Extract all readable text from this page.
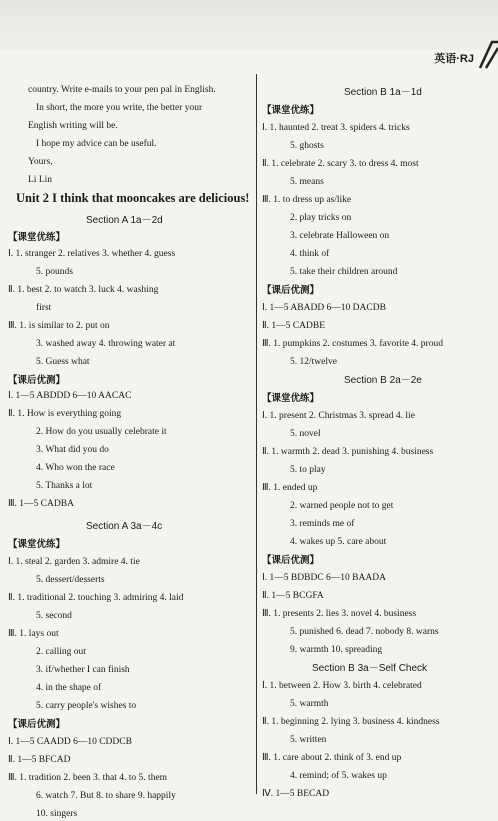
英语·RJ
country. Write e-mails to your pen pal in English.
In short, the more you write, the better your
English writing will be.
I hope my advice can be useful.
Yours,
Li Lin
Unit 2 I think that mooncakes are delicious!
Section A 1a－2d
【课堂优练】
Ⅰ. 1. stranger 2. relatives 3. whether 4. guess
5. pounds
Ⅱ. 1. best 2. to watch 3. luck 4. washing
first
Ⅲ. 1. is similar to 2. put on
3. washed away 4. throwing water at
5. Guess what
【课后优测】
Ⅰ. 1—5 ABDDD 6—10 AACAC
Ⅱ. 1. How is everything going
2. How do you usually celebrate it
3. What did you do
4. Who won the race
5. Thanks a lot
Ⅲ. 1—5 CADBA
Section A 3a－4c
【课堂优练】
Ⅰ. 1. steal 2. garden 3. admire 4. tie
5. dessert/desserts
Ⅱ. 1. traditional 2. touching 3. admiring 4. laid
5. second
Ⅲ. 1. lays out
2. calling out
3. if/whether I can finish
4. in the shape of
5. carry people's wishes to
【课后优测】
Ⅰ. 1—5 CAADD 6—10 CDDCB
Ⅱ. 1—5 BFCAD
Ⅲ. 1. tradition 2. been 3. that 4. to 5. them
6. watch 7. But 8. to share 9. happily
10. singers
Section B 1a－1d
【课堂优练】
Ⅰ. 1. haunted 2. treat 3. spiders 4. tricks
5. ghosts
Ⅱ. 1. celebrate 2. scary 3. to dress 4. most
5. means
Ⅲ. 1. to dress up as/like
2. play tricks on
3. celebrate Halloween on
4. think of
5. take their children around
【课后优测】
Ⅰ. 1—5 ABADD 6—10 DACDB
Ⅱ. 1—5 CADBE
Ⅲ. 1. pumpkins 2. costumes 3. favorite 4. proud
5. 12/twelve
Section B 2a－2e
【课堂优练】
Ⅰ. 1. present 2. Christmas 3. spread 4. lie
5. novel
Ⅱ. 1. warmth 2. dead 3. punishing 4. business
5. to play
Ⅲ. 1. ended up
2. warned people not to get
3. reminds me of
4. wakes up 5. care about
【课后优测】
Ⅰ. 1—5 BDBDC 6—10 BAADA
Ⅱ. 1—5 BCGFA
Ⅲ. 1. presents 2. lies 3. novel 4. business
5. punished 6. dead 7. nobody 8. warns
9. warmth 10. spreading
Section B 3a－Self Check
Ⅰ. 1. between 2. How 3. birth 4. celebrated
5. warmth
Ⅱ. 1. beginning 2. lying 3. business 4. kindness
5. written
Ⅲ. 1. care about 2. think of 3. end up
4. remind; of 5. wakes up
Ⅳ. 1—5 BECAD
